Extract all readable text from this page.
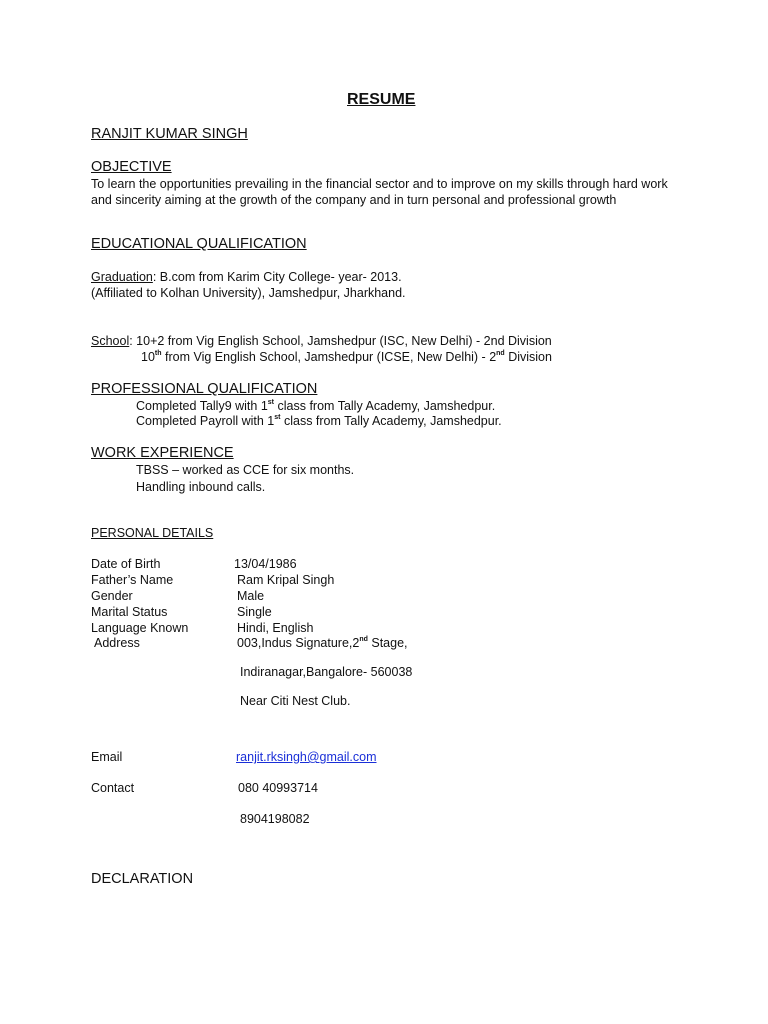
RESUME
RANJIT KUMAR SINGH
OBJECTIVE
To learn the opportunities prevailing in the financial sector and to improve on my skills through hard work and sincerity aiming at the growth of the company and in turn personal and professional growth
EDUCATIONAL QUALIFICATION
Graduation: B.com from Karim City College- year- 2013.
(Affiliated to Kolhan University), Jamshedpur, Jharkhand.
School: 10+2 from Vig English School, Jamshedpur (ISC, New Delhi) - 2nd Division
10th from Vig English School, Jamshedpur (ICSE, New Delhi) - 2nd Division
PROFESSIONAL QUALIFICATION
Completed Tally9 with 1st class from Tally Academy, Jamshedpur.
Completed Payroll with 1st class from Tally Academy, Jamshedpur.
WORK EXPERIENCE
TBSS – worked as CCE for six months.
Handling inbound calls.
PERSONAL DETAILS
Date of Birth	13/04/1986
Father’s Name	Ram Kripal Singh
Gender	Male
Marital Status	Single
Language Known	Hindi, English
Address	003,Indus Signature,2nd Stage,
Indiranagar,Bangalore- 560038
Near Citi Nest Club.
Email	ranjit.rksingh@gmail.com
Contact	080 40993714
8904198082
DECLARATION
